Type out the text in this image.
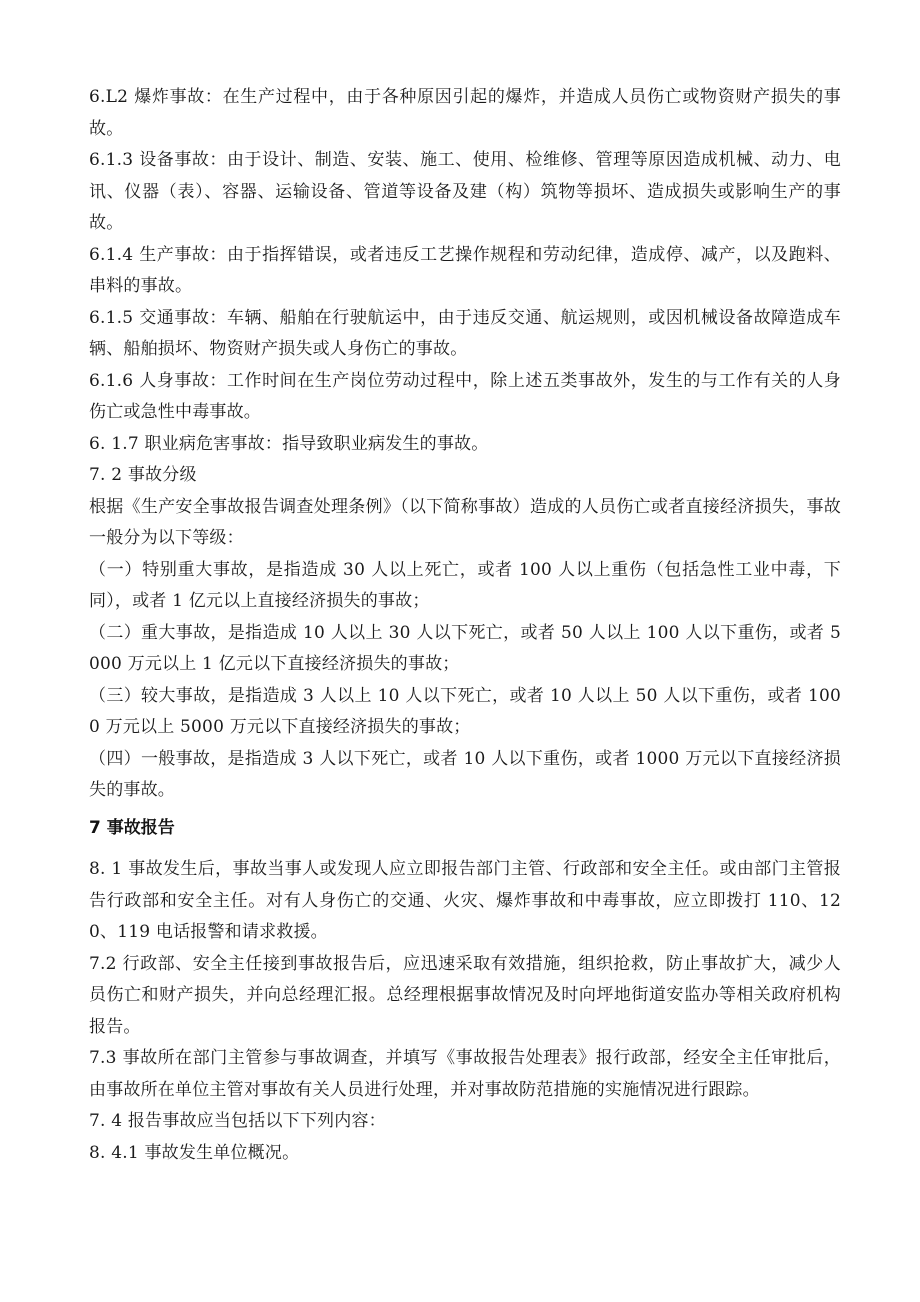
6.L2 爆炸事故：在生产过程中，由于各种原因引起的爆炸，并造成人员伤亡或物资财产损失的事故。

6.1.3 设备事故：由于设计、制造、安装、施工、使用、检维修、管理等原因造成机械、动力、电讯、仪器（表）、容器、运输设备、管道等设备及建（构）筑物等损坏、造成损失或影响生产的事故。

6.1.4 生产事故：由于指挥错误，或者违反工艺操作规程和劳动纪律，造成停、减产，以及跑料、串料的事故。

6.1.5 交通事故：车辆、船舶在行驶航运中，由于违反交通、航运规则，或因机械设备故障造成车辆、船舶损坏、物资财产损失或人身伤亡的事故。

6.1.6 人身事故：工作时间在生产岗位劳动过程中，除上述五类事故外，发生的与工作有关的人身伤亡或急性中毒事故。

6. 1.7 职业病危害事故：指导致职业病发生的事故。

7. 2 事故分级

根据《生产安全事故报告调查处理条例》（以下简称事故）造成的人员伤亡或者直接经济损失，事故一般分为以下等级：

（一）特别重大事故，是指造成 30 人以上死亡，或者 100 人以上重伤（包括急性工业中毒，下同），或者 1 亿元以上直接经济损失的事故；

（二）重大事故，是指造成 10 人以上 30 人以下死亡，或者 50 人以上 100 人以下重伤，或者 5000 万元以上 1 亿元以下直接经济损失的事故；

（三）较大事故，是指造成 3 人以上 10 人以下死亡，或者 10 人以上 50 人以下重伤，或者 1000 万元以上 5000 万元以下直接经济损失的事故；

（四）一般事故，是指造成 3 人以下死亡，或者 10 人以下重伤，或者 1000 万元以下直接经济损失的事故。

7 事故报告

8. 1 事故发生后，事故当事人或发现人应立即报告部门主管、行政部和安全主任。或由部门主管报告行政部和安全主任。对有人身伤亡的交通、火灾、爆炸事故和中毒事故，应立即拨打 110、120、119 电话报警和请求救援。

7.2 行政部、安全主任接到事故报告后，应迅速采取有效措施，组织抢救，防止事故扩大，减少人员伤亡和财产损失，并向总经理汇报。总经理根据事故情况及时向坪地街道安监办等相关政府机构报告。

7.3 事故所在部门主管参与事故调查，并填写《事故报告处理表》报行政部，经安全主任审批后，由事故所在单位主管对事故有关人员进行处理，并对事故防范措施的实施情况进行跟踪。

7. 4 报告事故应当包括以下下列内容：

8. 4.1 事故发生单位概况。
